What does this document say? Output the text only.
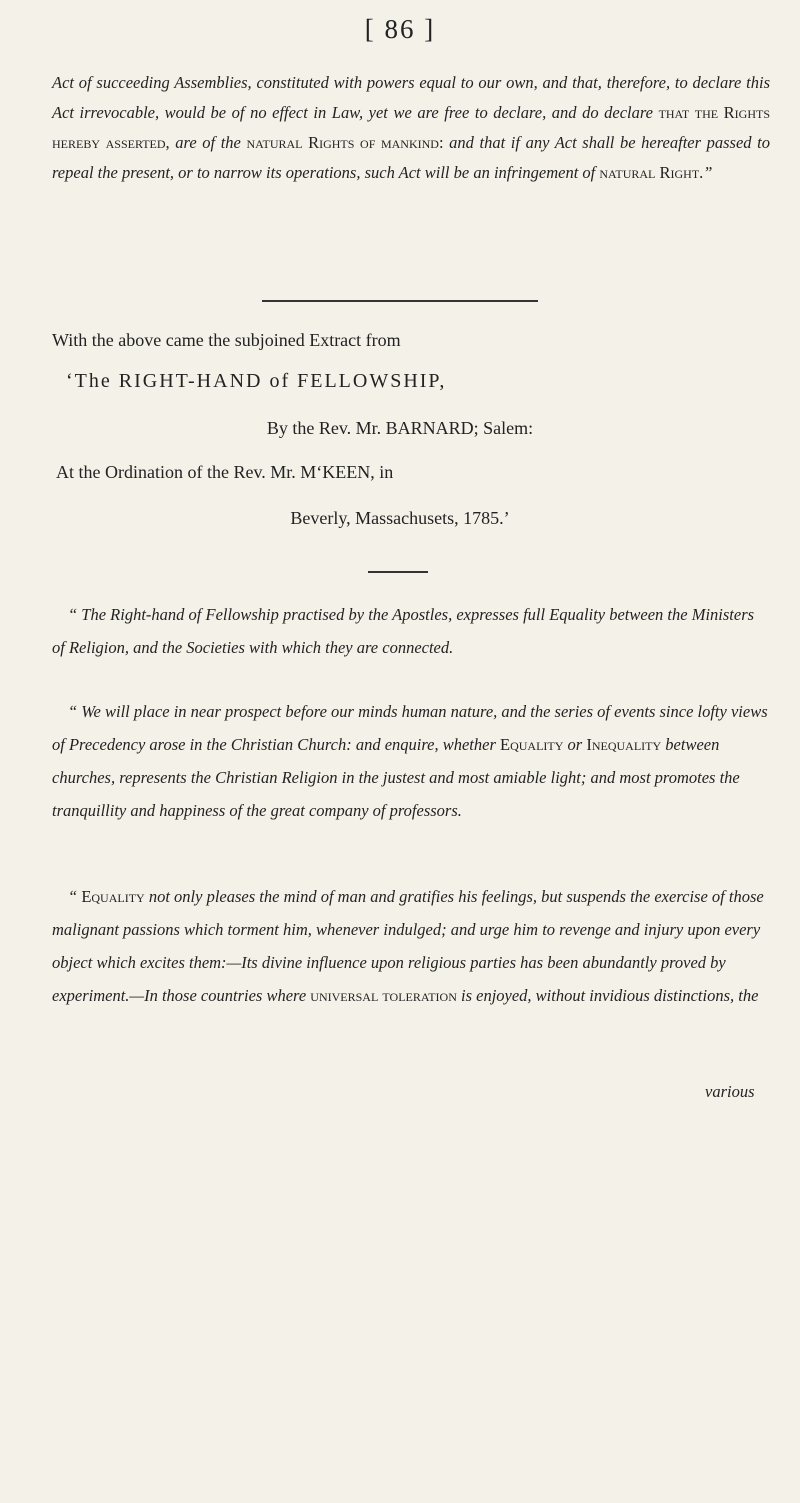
[ 86 ]

Act of succeeding Assemblies, constituted with powers equal to our own, and that, therefore, to declare this Act irrevocable, would be of no effect in Law, yet we are free to declare, and do declare that the Rights hereby asserted, are of the natural Rights of mankind: and that if any Act shall be hereafter passed to repeal the present, or to narrow its operations, such Act will be an infringement of natural Right.”

With the above came the subjoined Extract from
‘The RIGHT-HAND of FELLOWSHIP,
By the Rev. Mr. BARNARD; Salem:
At the Ordination of the Rev. Mr. M‘KEEN, in
Beverly, Massachusets, 1785.’

“ The Right-hand of Fellowship practised by the Apostles, expresses full Equality between the Ministers of Religion, and the Societies with which they are connected.

“ We will place in near prospect before our minds human nature, and the series of events since lofty views of Precedency arose in the Christian Church: and enquire, whether Equality or Inequality between churches, represents the Christian Religion in the justest and most amiable light; and most promotes the tranquillity and happiness of the great company of professors.

“ Equality not only pleases the mind of man and gratifies his feelings, but suspends the exercise of those malignant passions which torment him, whenever indulged; and urge him to revenge and injury upon every object which excites them:—Its divine influence upon religious parties has been abundantly proved by experiment.—In those countries where universal toleration is enjoyed, without invidious distinctions, the

various
